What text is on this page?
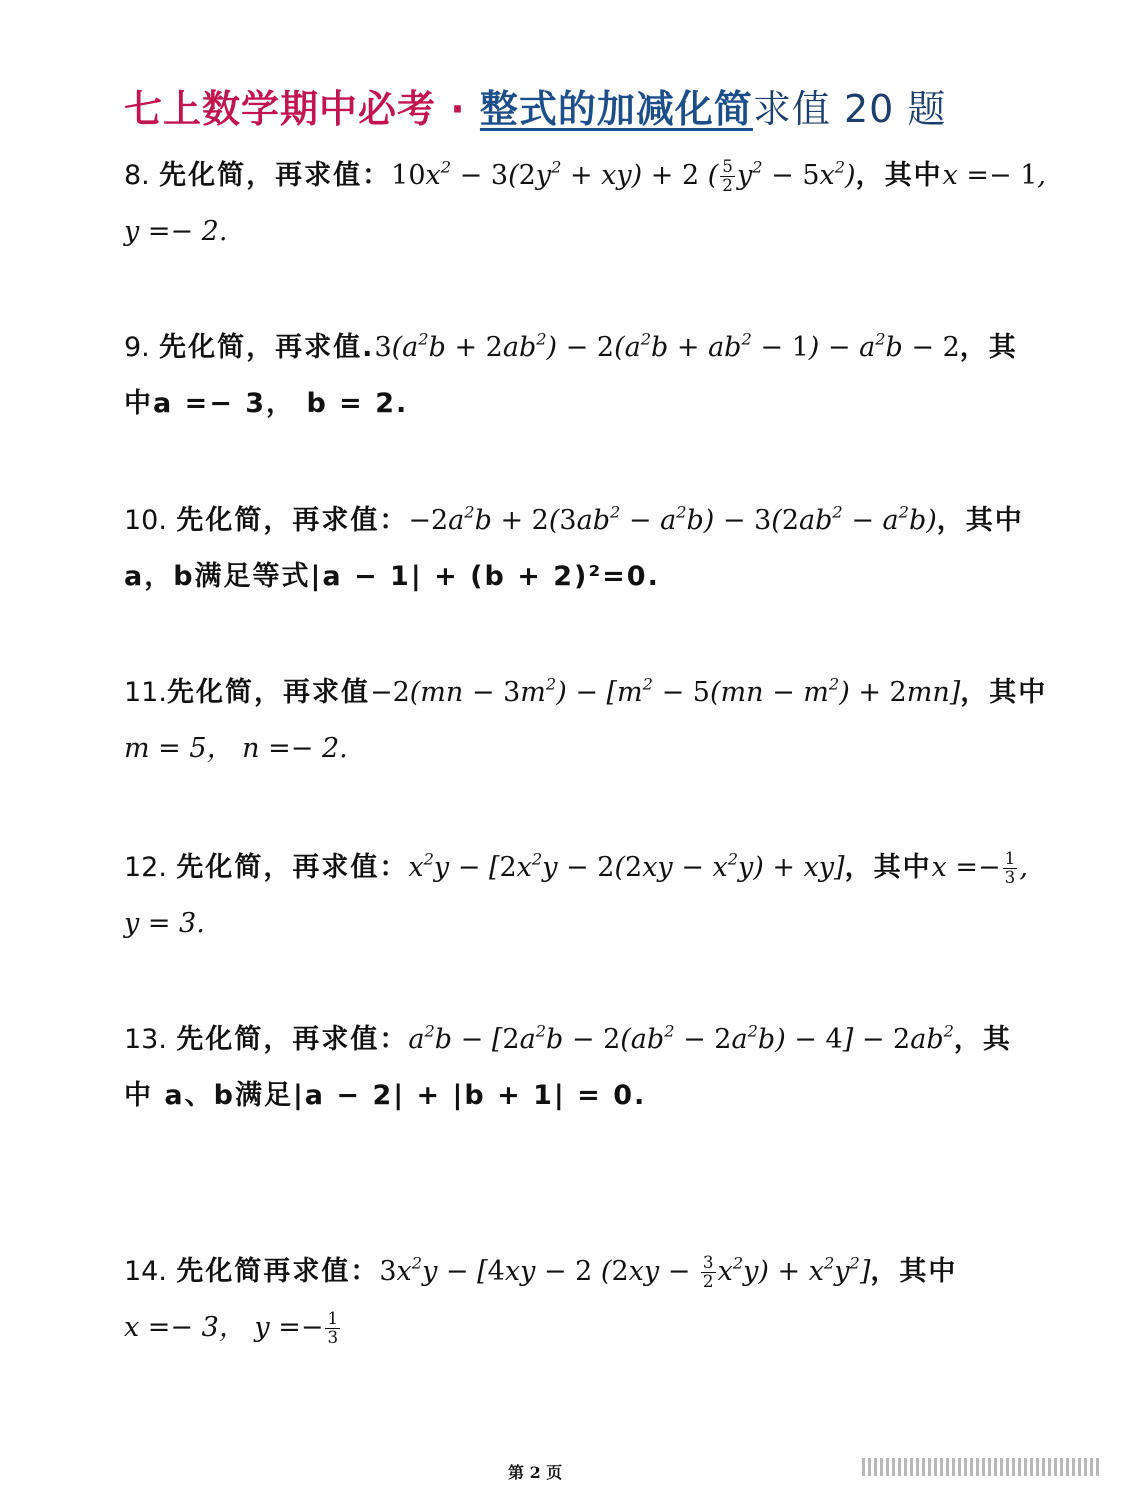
七上数学期中必考 · 整式的加减化简求值 20 题
8. 先化简，再求值：$10x^2 - 3(2y^2 + xy) + 2$ ( $\frac{5}{2} y^2 - 5x^2$)，其中x =− 1,
y =− 2.
9. 先化简，再求值$.3(a^2b + 2ab^2) - 2(a^2b + ab^2 - 1) - a^2b - 2$，其
中a =− 3， b = 2.
10. 先化简，再求值：$-2a^2b + 2(3ab^2 - a^2b) - 3(2ab^2 - a^2b)$，其中
a，b满足等式|a − 1| + (b + 2)²=0.
11.先化简，再求值$-2(mn - 3m^2) - [m^2 - 5(mn - m^2) + 2mn]$，其中
m = 5， n =− 2.
12. 先化简，再求值：$x^2y - [2x^2y - 2(2xy - x^2y) + xy]$，其中$x =- \frac{1}{3}$ ,
y = 3.
13. 先化简，再求值：$a^2b - [2a^2b - 2(ab^2 - 2a^2b) - 4] - 2ab^2$，其
中 a、b满足|a − 2| + |b + 1| = 0.
14. 先化简再求值：$3x^2y - [4xy - 2$ $(2xy - \frac{3}{2} x^2y) + x^2y^2$]，其中
x =− 3， $y =- \frac{1}{3}$
第 2 页
